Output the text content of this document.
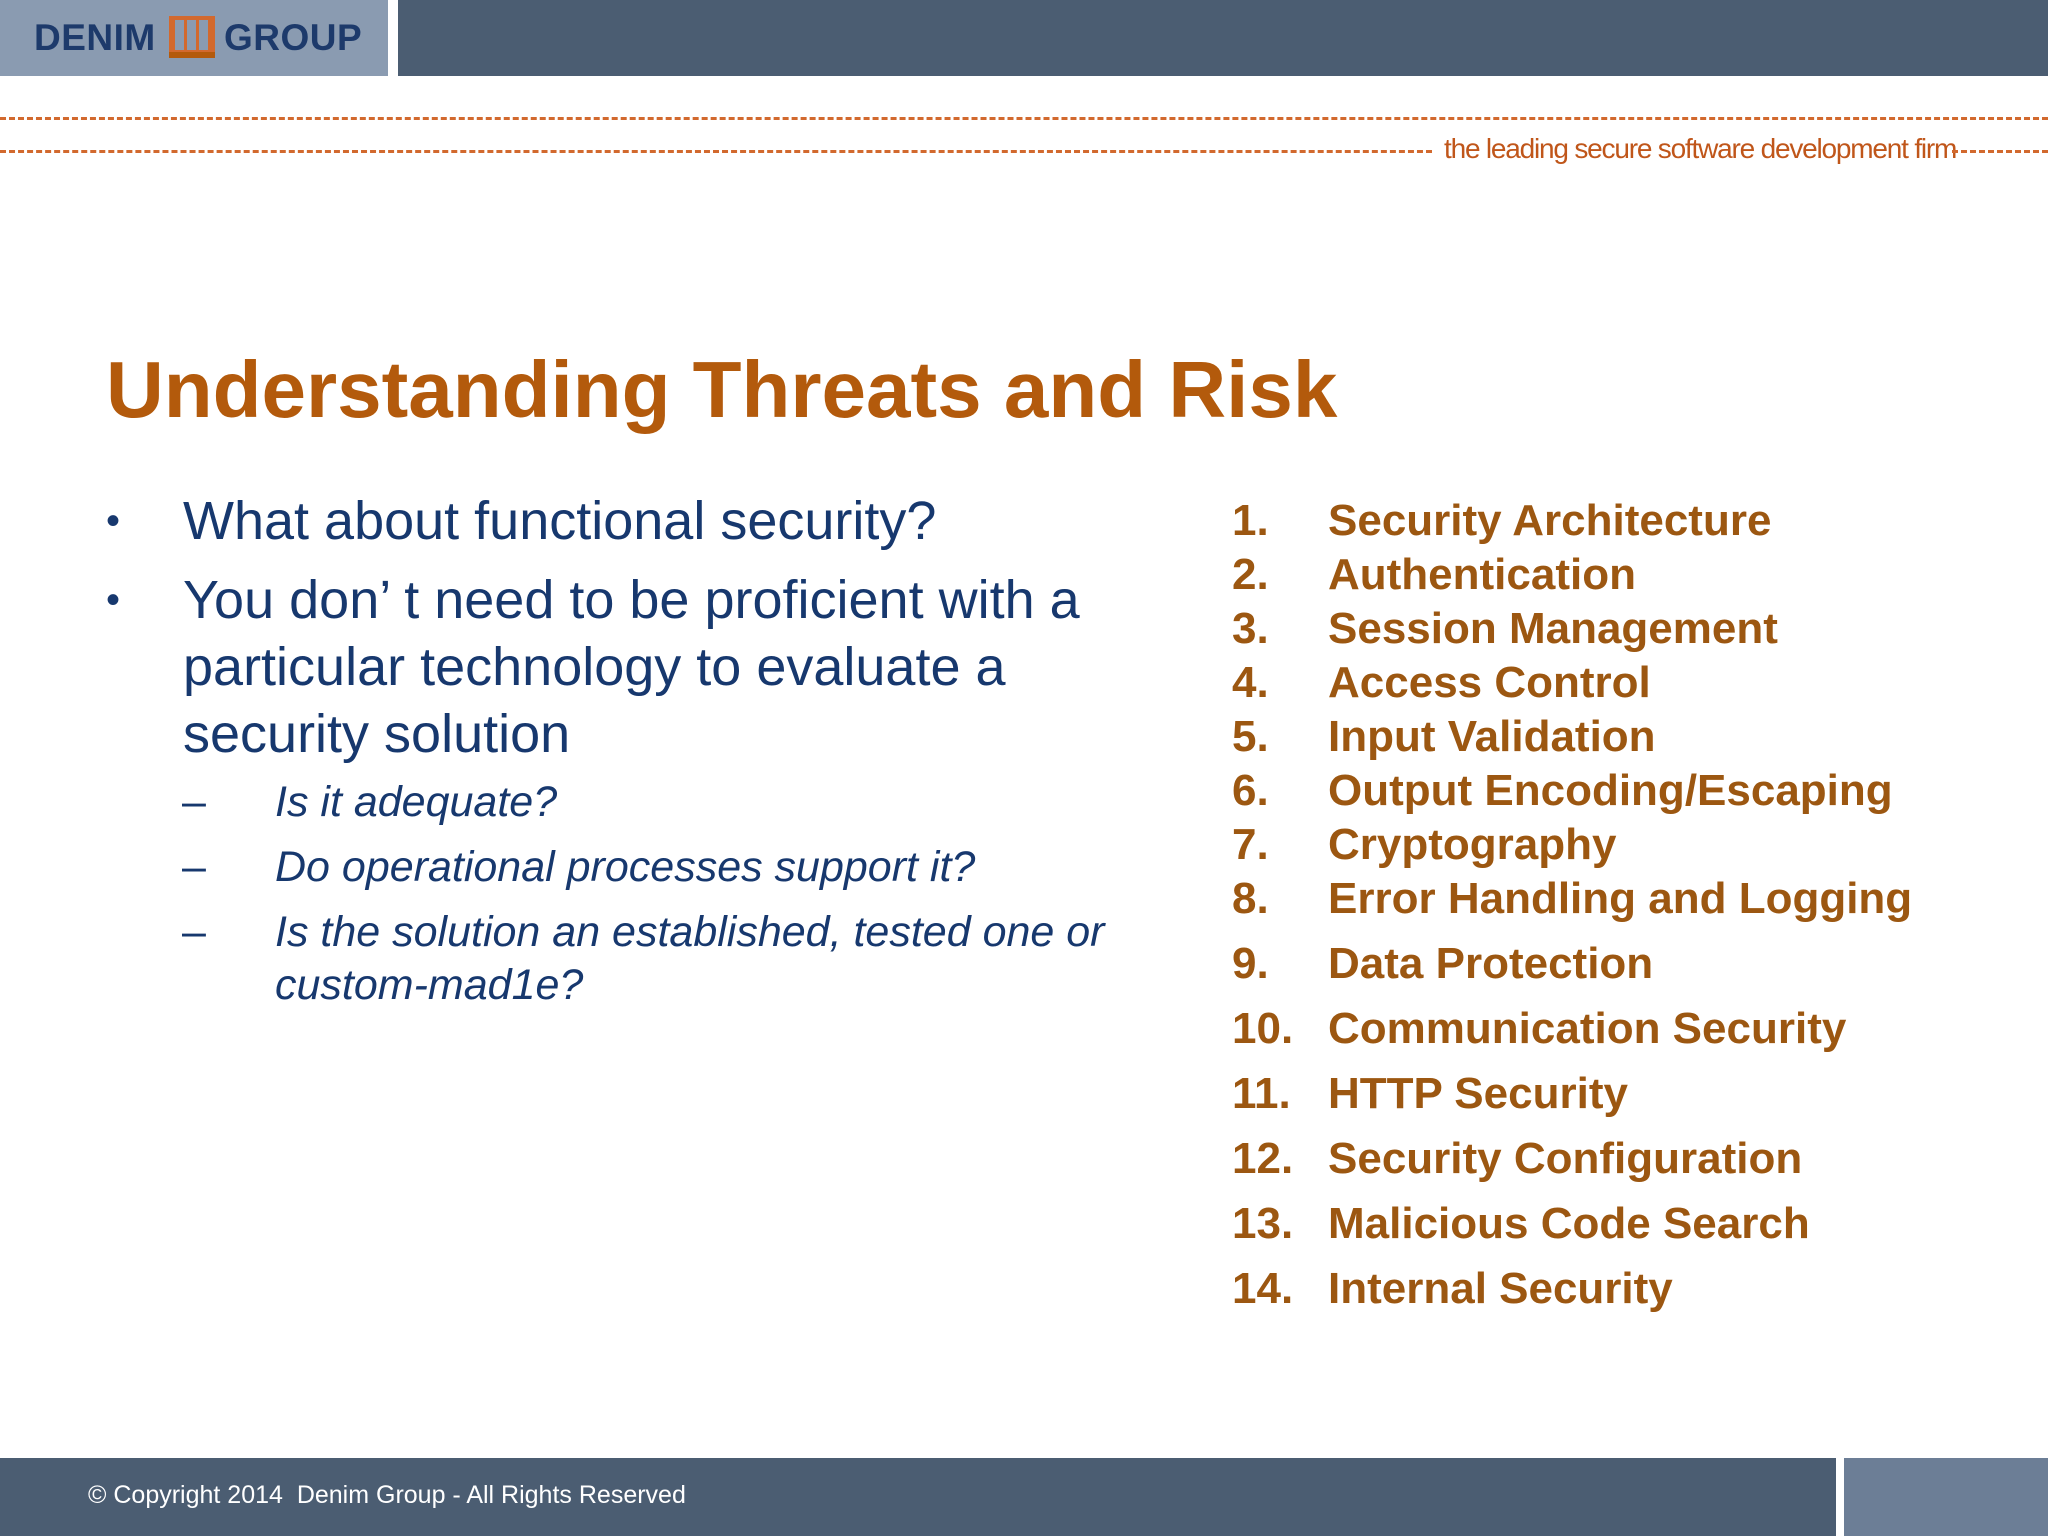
DENIM GROUP
the leading secure software development firm
Understanding Threats and Risk
•	What about functional security?
•	You don’ t need to be proficient with a particular technology to evaluate a security solution
– Is it adequate?
– Do operational processes support it?
– Is the solution an established, tested one or custom-mad1e?
1. Security Architecture
2. Authentication
3. Session Management
4. Access Control
5. Input Validation
6. Output Encoding/Escaping
7. Cryptography
8. Error Handling and Logging
9. Data Protection
10. Communication Security
11. HTTP Security
12. Security Configuration
13. Malicious Code Search
14. Internal Security
© Copyright 2014  Denim Group - All Rights Reserved
